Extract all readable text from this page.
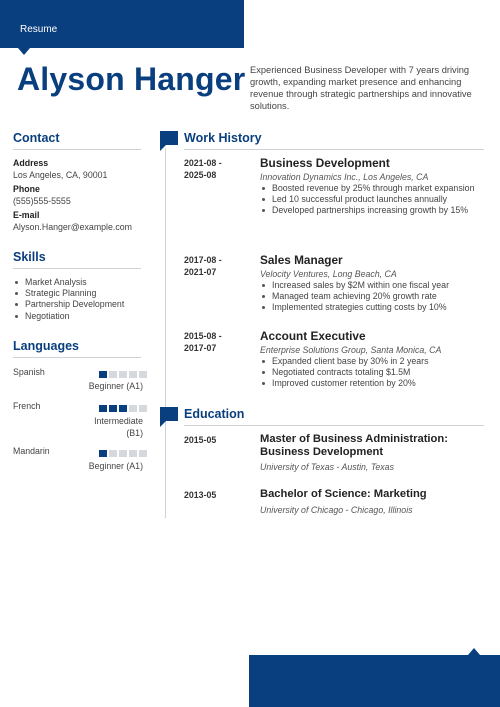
Resume
Alyson Hanger Experienced Business Developer with 7 years driving growth, expanding market presence and enhancing revenue through strategic partnerships and innovative solutions.
Contact
Address
Los Angeles, CA, 90001
Phone
(555)555-5555
E-mail
Alyson.Hanger@example.com
Skills
Market Analysis
Strategic Planning
Partnership Development
Negotiation
Languages
Spanish
Beginner (A1)
French
Intermediate
(B1)
Mandarin
Beginner (A1)
Work History
2021-08 -
2025-08
Business Development
Innovation Dynamics Inc., Los Angeles, CA
Boosted revenue by 25% through market expansion
Led 10 successful product launches annually
Developed partnerships increasing growth by 15%
2017-08 -
2021-07
Sales Manager
Velocity Ventures, Long Beach, CA
Increased sales by $2M within one fiscal year
Managed team achieving 20% growth rate
Implemented strategies cutting costs by 10%
2015-08 -
2017-07
Account Executive
Enterprise Solutions Group, Santa Monica, CA
Expanded client base by 30% in 2 years
Negotiated contracts totaling $1.5M
Improved customer retention by 20%
Education
2015-05	Master of Business Administration:
Business Development
University of Texas - Austin, Texas
2013-05	Bachelor of Science: Marketing
University of Chicago - Chicago, Illinois
